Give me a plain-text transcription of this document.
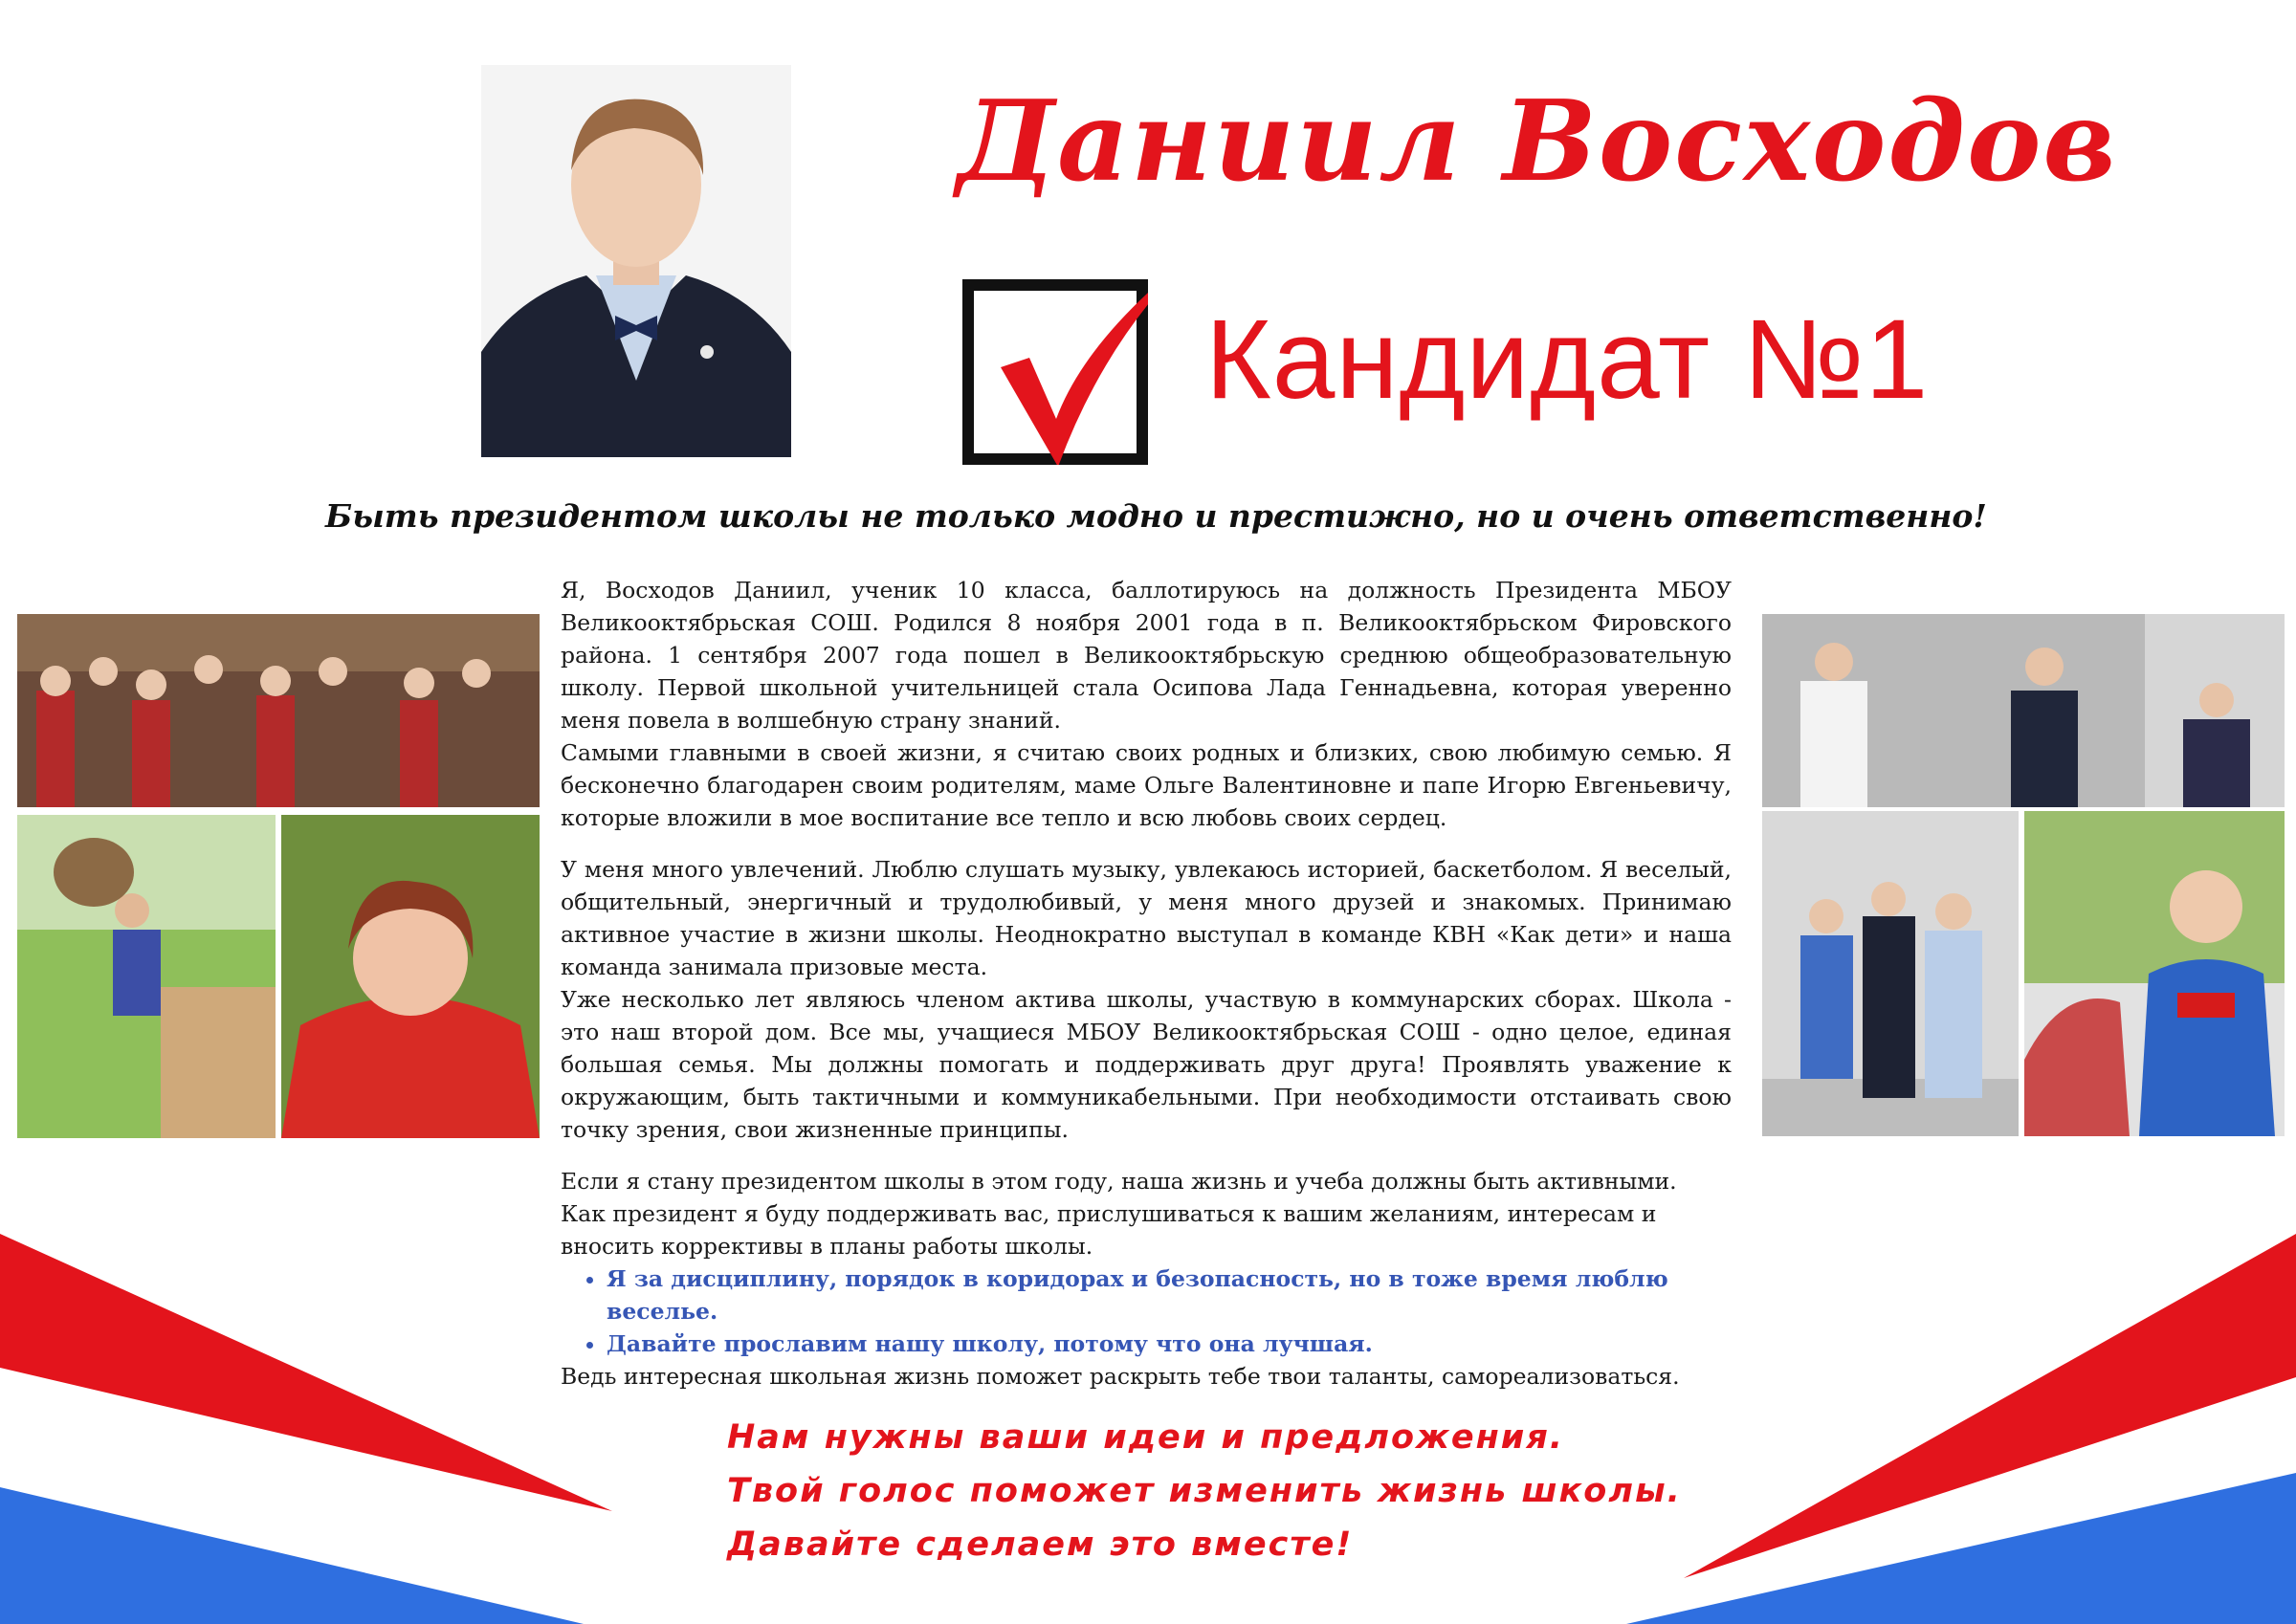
Даниил Восходов
Кандидат №1
Быть президентом школы не только модно и престижно, но и очень ответственно!

Я, Восходов Даниил, ученик 10 класса, баллотируюсь на должность Президента МБОУ Великооктябрьская СОШ. Родился 8 ноября 2001 года в п. Великооктябрьском Фировского района. 1 сентября 2007 года пошел в Великооктябрьскую среднюю общеобразовательную школу. Первой школьной учительницей стала Осипова Лада Геннадьевна, которая уверенно меня повела в волшебную страну знаний.

Самыми главными в своей жизни, я считаю своих родных и близких, свою любимую семью. Я бесконечно благодарен своим родителям, маме Ольге Валентиновне и папе Игорю Евгеньевичу, которые вложили в мое воспитание все тепло и всю любовь своих сердец.

У меня много увлечений. Люблю слушать музыку, увлекаюсь историей, баскетболом. Я веселый, общительный, энергичный и трудолюбивый, у меня много друзей и знакомых. Принимаю активное участие в жизни школы. Неоднократно выступал в команде КВН «Как дети» и наша команда занимала призовые места.

Уже несколько лет являюсь членом актива школы, участвую в коммунарских сборах. Школа - это наш второй дом. Все мы, учащиеся МБОУ Великооктябрьская СОШ - одно целое, единая большая семья. Мы должны помогать и поддерживать друг друга! Проявлять уважение к окружающим, быть тактичными и коммуникабельными. При необходимости отстаивать свою точку зрения, свои жизненные принципы.

Если я стану президентом школы в этом году, наша жизнь и учеба должны быть активными.

Как президент я буду поддерживать вас, прислушиваться к вашим желаниям, интересам и вносить коррективы в планы работы школы.

• Я за дисциплину, порядок в коридорах и безопасность, но в тоже время люблю веселье.
• Давайте прославим нашу школу, потому что она лучшая.

Ведь интересная школьная жизнь поможет раскрыть тебе твои таланты, самореализоваться.

Нам нужны ваши идеи и предложения.
Твой голос поможет изменить жизнь школы.
Давайте сделаем это вместе!
